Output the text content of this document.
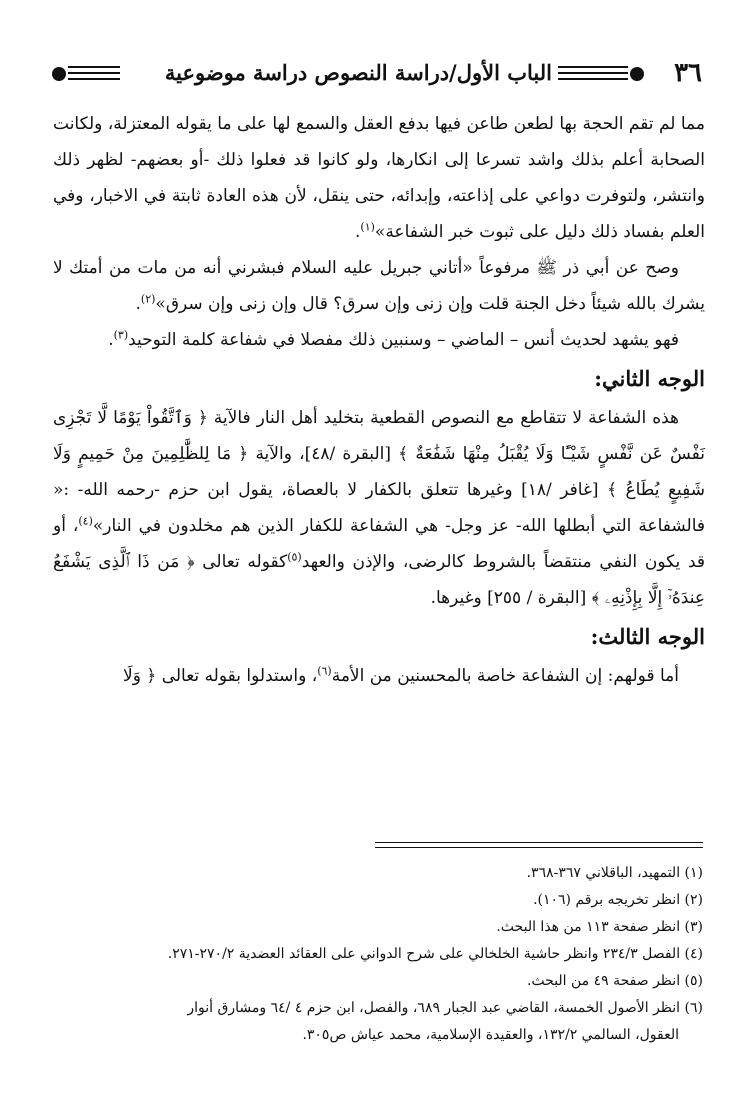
٣٦
الباب الأول/دراسة النصوص دراسة موضوعية

مما لم تقم الحجة بها لطعن طاعن فيها بدفع العقل والسمع لها على ما يقوله المعتزلة، ولكانت الصحابة أعلم بذلك واشد تسرعا إلى انكارها، ولو كانوا قد فعلوا ذلك -أو بعضهم- لظهر ذلك وانتشر، ولتوفرت دواعي على إذاعته، وإبدائه، حتى ينقل، لأن هذه العادة ثابتة في الاخبار، وفي العلم بفساد ذلك دليل على ثبوت خبر الشفاعة»$^{(١)}$.

وصح عن أبي ذر ﷺ مرفوعاً «أتاني جبريل عليه السلام فبشرني أنه من مات من أمتك لا يشرك بالله شيئاً دخل الجنة قلت وإن زنى وإن سرق؟ قال وإن زنى وإن سرق»$^{(٢)}$.

فهو يشهد لحديث أنس – الماضي – وسنبين ذلك مفصلا في شفاعة كلمة التوحيد$^{(٣)}$.

الوجه الثاني:

هذه الشفاعة لا تتقاطع مع النصوص القطعية بتخليد أهل النار فالآية ﴿ وَٱتَّقُواْ يَوْمًا لَّا تَجْزِى نَفْسٌ عَن نَّفْسٍ شَيْـًٔا وَلَا يُقْبَلُ مِنْهَا شَفَٰعَةٌ ﴾ [البقرة /٤٨]، والآية ﴿ مَا لِلظَّٰلِمِينَ مِنْ حَمِيمٍ وَلَا شَفِيعٍ يُطَاعُ ﴾ [غافر /١٨] وغيرها تتعلق بالكفار لا بالعصاة، يقول ابن حزم -رحمه الله- :« فالشفاعة التي أبطلها الله- عز وجل- هي الشفاعة للكفار الذين هم مخلدون في النار»$^{(٤)}$، أو قد يكون النفي منتقضاً بالشروط كالرضى، والإذن والعهد$^{(٥)}$كقوله تعالى ﴿ مَن ذَا ٱلَّذِى يَشْفَعُ عِندَهُۥٓ إِلَّا بِإِذْنِهِۦ ﴾ [البقرة / ٢٥٥] وغيرها.

الوجه الثالث:

أما قولهم: إن الشفاعة خاصة بالمحسنين من الأمة$^{(٦)}$، واستدلوا بقوله تعالى ﴿ وَلَا

(١) التمهيد، الباقلاني ٣٦٧-٣٦٨.

(٢) انظر تخريجه برقم (١٠٦).

(٣) انظر صفحة ١١٣ من هذا البحث.

(٤) الفصل ٢٣٤/٣ وانظر حاشية الخلخالي على شرح الدواني على العقائد العضدية ٢٧٠/٢-٢٧١.

(٥) انظر صفحة ٤٩ من البحث.

(٦) انظر الأصول الخمسة، القاضي عبد الجبار ٦٨٩، والفصل، ابن حزم ٤ /٦٤ ومشارق أنوار

العقول، السالمي ١٣٢/٢، والعقيدة الإسلامية، محمد عياش ص٣٠٥.
